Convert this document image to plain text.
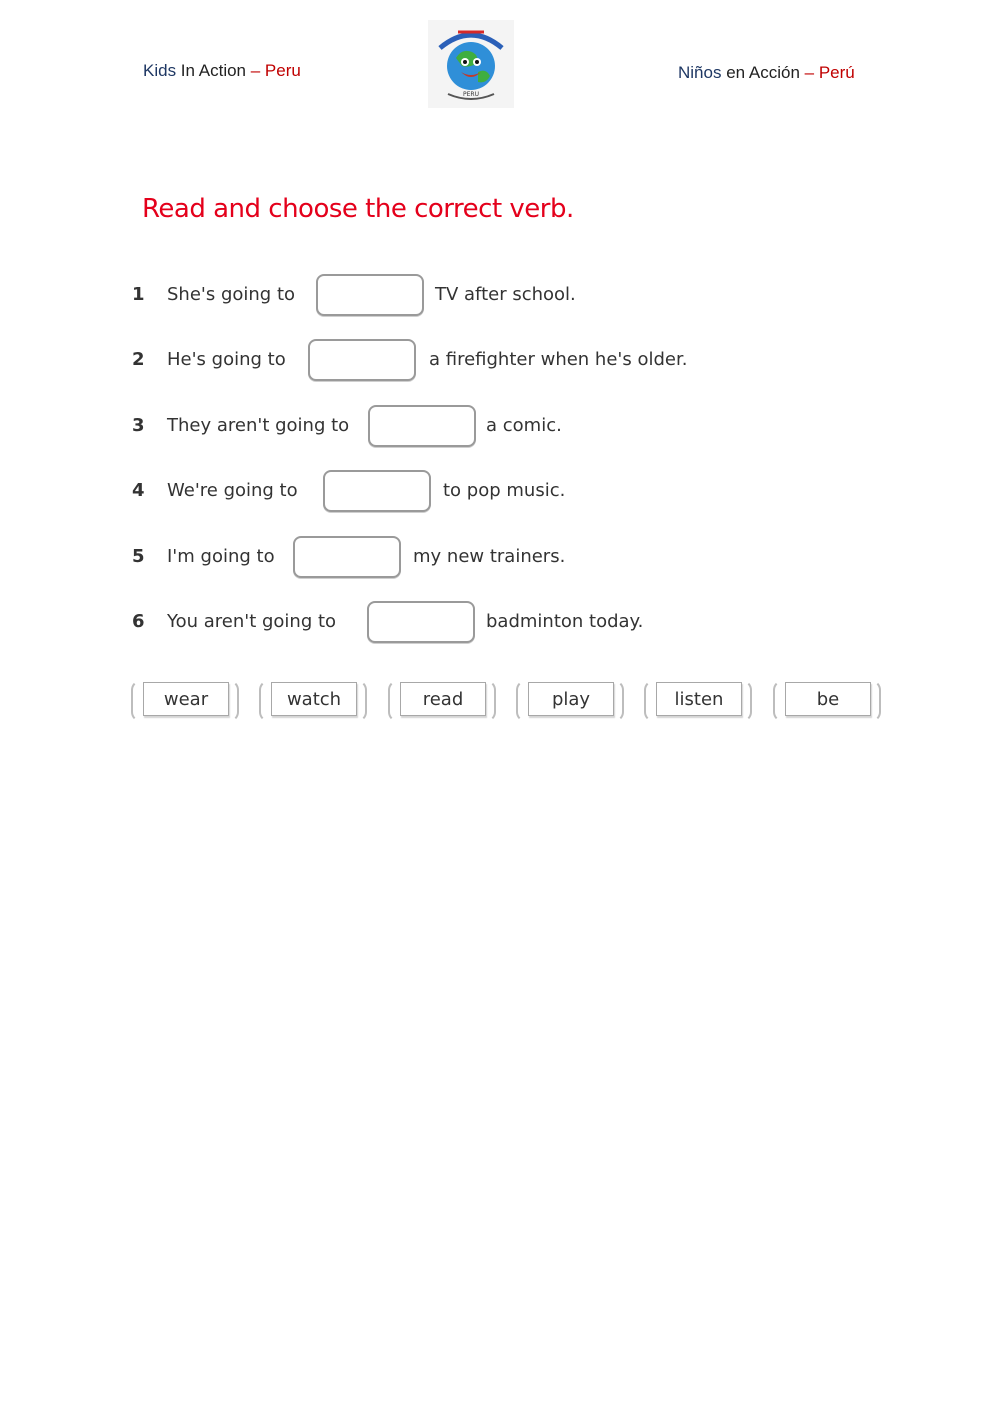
Kids In Action – Peru
PERU
Niños en Acción – Perú
Read and choose the correct verb.
1 She's going to	TV after school.
2 He's going to	a firefighter when he's older.
3 They aren't going to	a comic.
4 We're going to	to pop music.
5 I'm going to	my new trainers.
6 You aren't going to	badminton today.
wear	watch	read	play	listen	be
